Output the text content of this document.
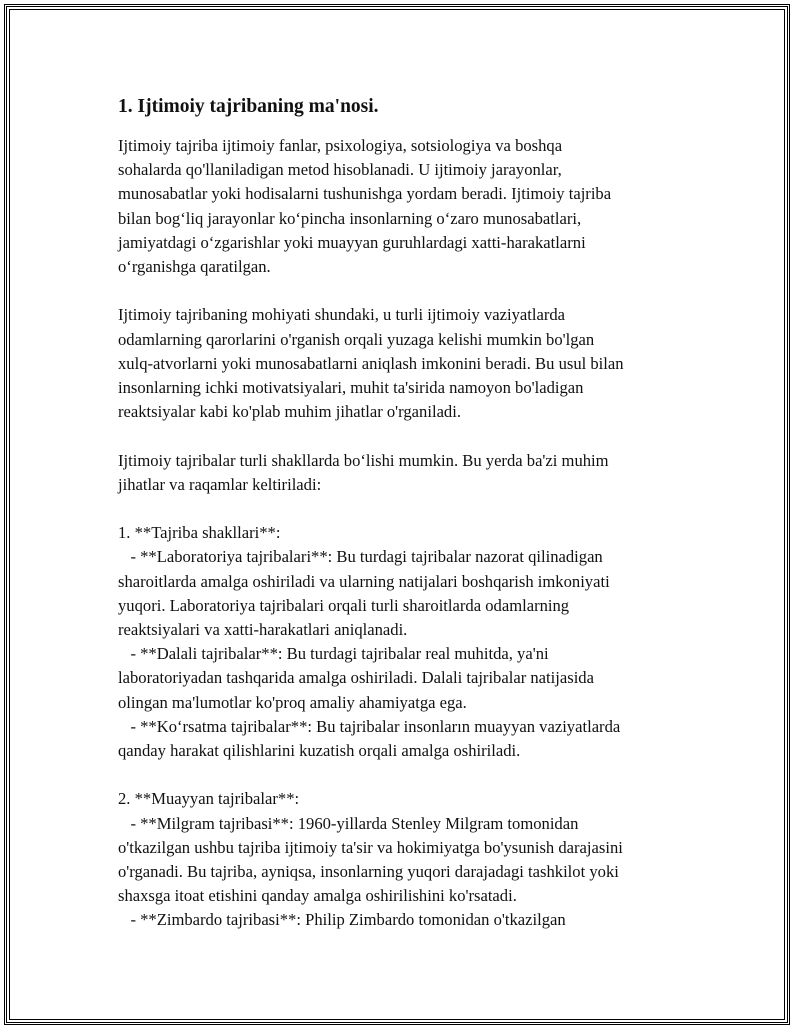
1. Ijtimoiy tajribaning ma'nosi.

Ijtimoiy tajriba ijtimoiy fanlar, psixologiya, sotsiologiya va boshqa
sohalarda qo'llaniladigan metod hisoblanadi. U ijtimoiy jarayonlar,
munosabatlar yoki hodisalarni tushunishga yordam beradi. Ijtimoiy tajriba
bilan bog‘liq jarayonlar ko‘pincha insonlarning o‘zaro munosabatlari,
jamiyatdagi o‘zgarishlar yoki muayyan guruhlardagi xatti-harakatlarni
o‘rganishga qaratilgan.

Ijtimoiy tajribaning mohiyati shundaki, u turli ijtimoiy vaziyatlarda
odamlarning qarorlarini o'rganish orqali yuzaga kelishi mumkin bo'lgan
xulq-atvorlarni yoki munosabatlarni aniqlash imkonini beradi. Bu usul bilan
insonlarning ichki motivatsiyalari, muhit ta'sirida namoyon bo'ladigan
reaktsiyalar kabi ko'plab muhim jihatlar o'rganiladi.

Ijtimoiy tajribalar turli shakllarda bo‘lishi mumkin. Bu yerda ba'zi muhim
jihatlar va raqamlar keltiriladi:

1. **Tajriba shakllari**:
- **Laboratoriya tajribalari**: Bu turdagi tajribalar nazorat qilinadigan
sharoitlarda amalga oshiriladi va ularning natijalari boshqarish imkoniyati
yuqori. Laboratoriya tajribalari orqali turli sharoitlarda odamlarning
reaktsiyalari va xatti-harakatlari aniqlanadi.
- **Dalali tajribalar**: Bu turdagi tajribalar real muhitda, ya'ni
laboratoriyadan tashqarida amalga oshiriladi. Dalali tajribalar natijasida
olingan ma'lumotlar ko'proq amaliy ahamiyatga ega.
- **Ko‘rsatma tajribalar**: Bu tajribalar insonların muayyan vaziyatlarda
qanday harakat qilishlarini kuzatish orqali amalga oshiriladi.

2. **Muayyan tajribalar**:
- **Milgram tajribasi**: 1960-yillarda Stenley Milgram tomonidan
o'tkazilgan ushbu tajriba ijtimoiy ta'sir va hokimiyatga bo'ysunish darajasini
o'rganadi. Bu tajriba, ayniqsa, insonlarning yuqori darajadagi tashkilot yoki
shaxsga itoat etishini qanday amalga oshirilishini ko'rsatadi.
- **Zimbardo tajribasi**: Philip Zimbardo tomonidan o'tkazilgan
